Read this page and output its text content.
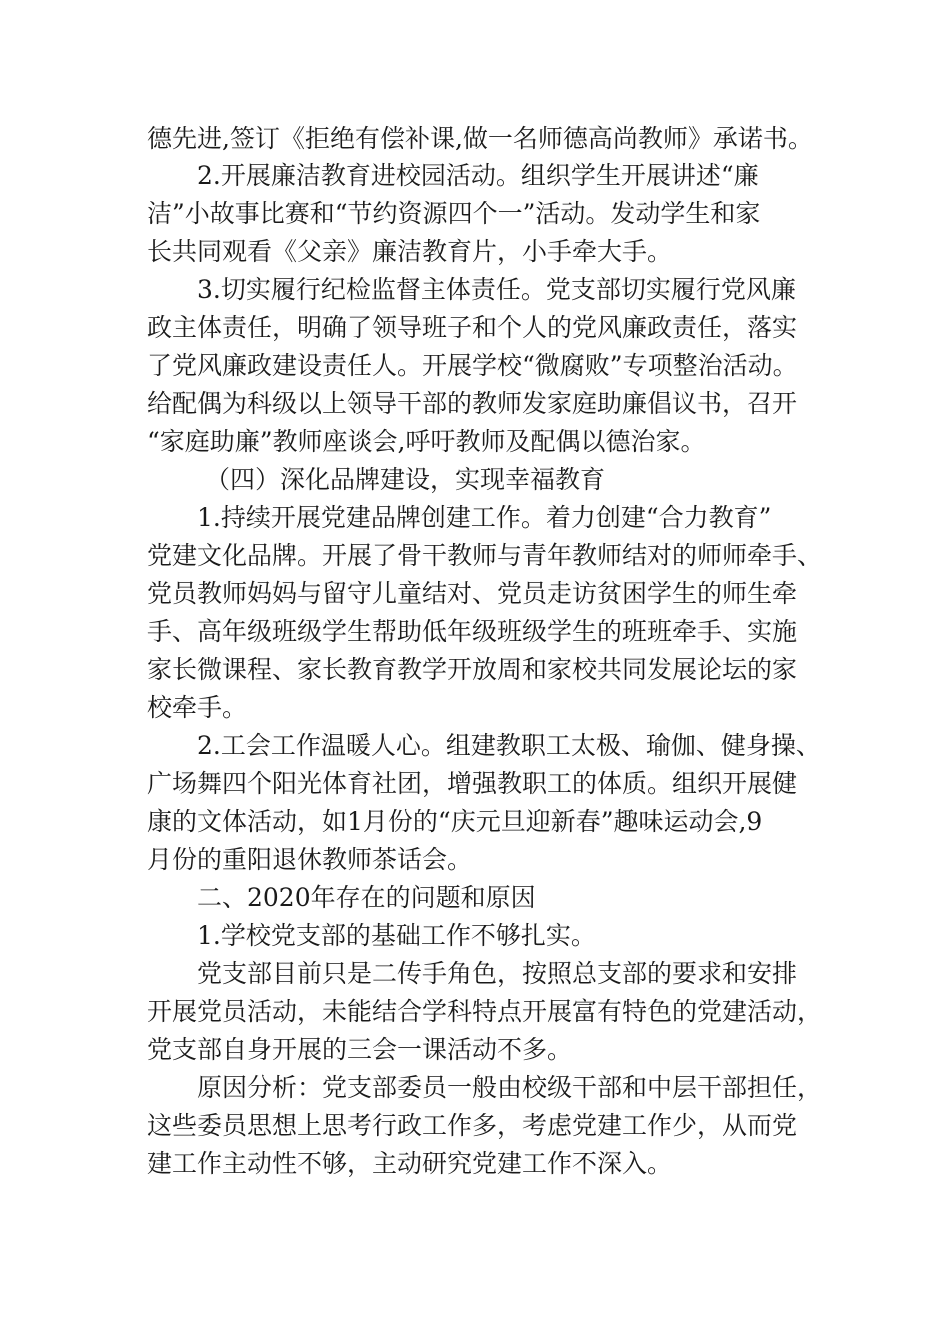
德先进,签订《拒绝有偿补课,做一名师德高尚教师》承诺书。
2.开展廉洁教育进校园活动。组织学生开展讲述“廉
洁”小故事比赛和“节约资源四个一”活动。发动学生和家
长共同观看《父亲》廉洁教育片，小手牵大手。
3.切实履行纪检监督主体责任。党支部切实履行党风廉
政主体责任，明确了领导班子和个人的党风廉政责任，落实
了党风廉政建设责任人。开展学校“微腐败”专项整治活动。
给配偶为科级以上领导干部的教师发家庭助廉倡议书，召开
“家庭助廉”教师座谈会,呼吁教师及配偶以德治家。
（四）深化品牌建设，实现幸福教育
1.持续开展党建品牌创建工作。着力创建“合力教育”
党建文化品牌。开展了骨干教师与青年教师结对的师师牵手、
党员教师妈妈与留守儿童结对、党员走访贫困学生的师生牵
手、高年级班级学生帮助低年级班级学生的班班牵手、实施
家长微课程、家长教育教学开放周和家校共同发展论坛的家
校牵手。
2.工会工作温暖人心。组建教职工太极、瑜伽、健身操、
广场舞四个阳光体育社团，增强教职工的体质。组织开展健
康的文体活动，如1月份的“庆元旦迎新春”趣味运动会,9
月份的重阳退休教师茶话会。
二、2020年存在的问题和原因
1.学校党支部的基础工作不够扎实。
党支部目前只是二传手角色，按照总支部的要求和安排
开展党员活动，未能结合学科特点开展富有特色的党建活动，
党支部自身开展的三会一课活动不多。
原因分析：党支部委员一般由校级干部和中层干部担任，
这些委员思想上思考行政工作多，考虑党建工作少，从而党
建工作主动性不够，主动研究党建工作不深入。
